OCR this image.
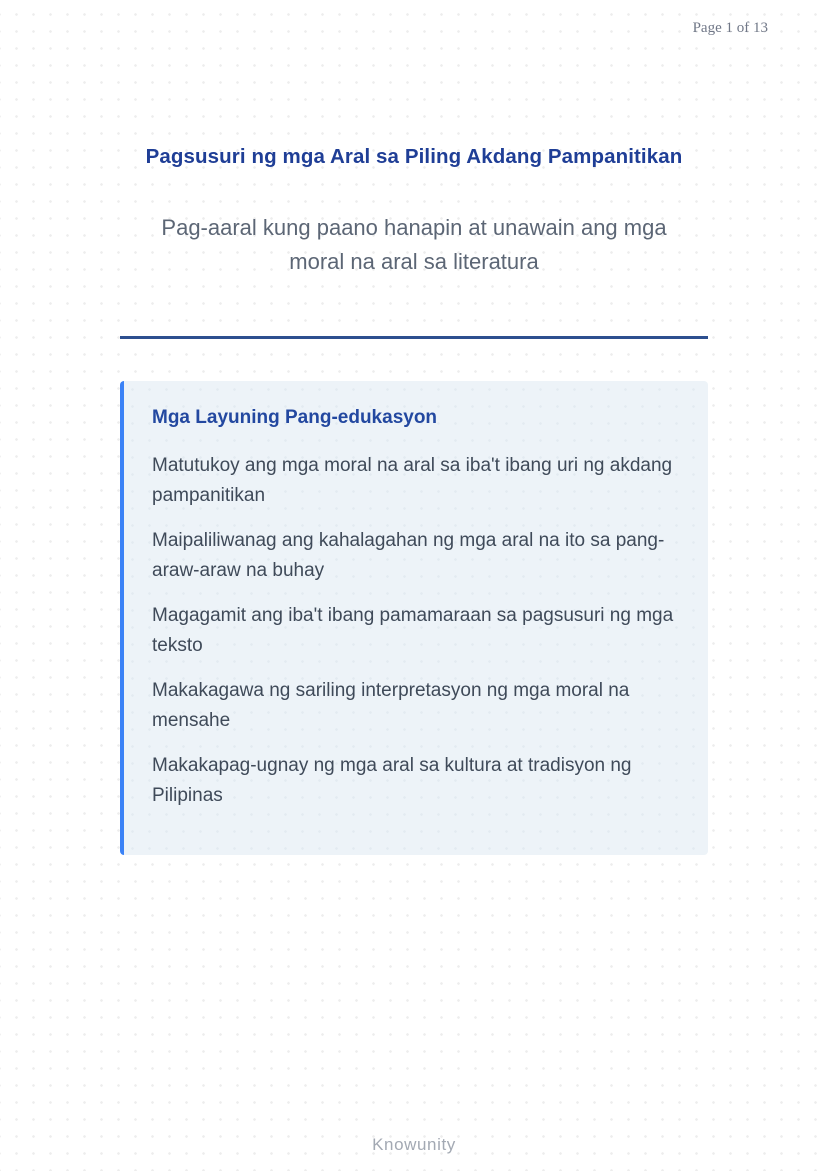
Page 1 of 13
Pagsusuri ng mga Aral sa Piling Akdang Pampanitikan
Pag-aaral kung paano hanapin at unawain ang mga moral na aral sa literatura
Mga Layuning Pang-edukasyon

Matutukoy ang mga moral na aral sa iba't ibang uri ng akdang pampanitikan

Maipaliliwanag ang kahalagahan ng mga aral na ito sa pang-araw-araw na buhay

Magagamit ang iba't ibang pamamaraan sa pagsusuri ng mga teksto

Makakagawa ng sariling interpretasyon ng mga moral na mensahe

Makakapag-ugnay ng mga aral sa kultura at tradisyon ng Pilipinas

Knowunity
